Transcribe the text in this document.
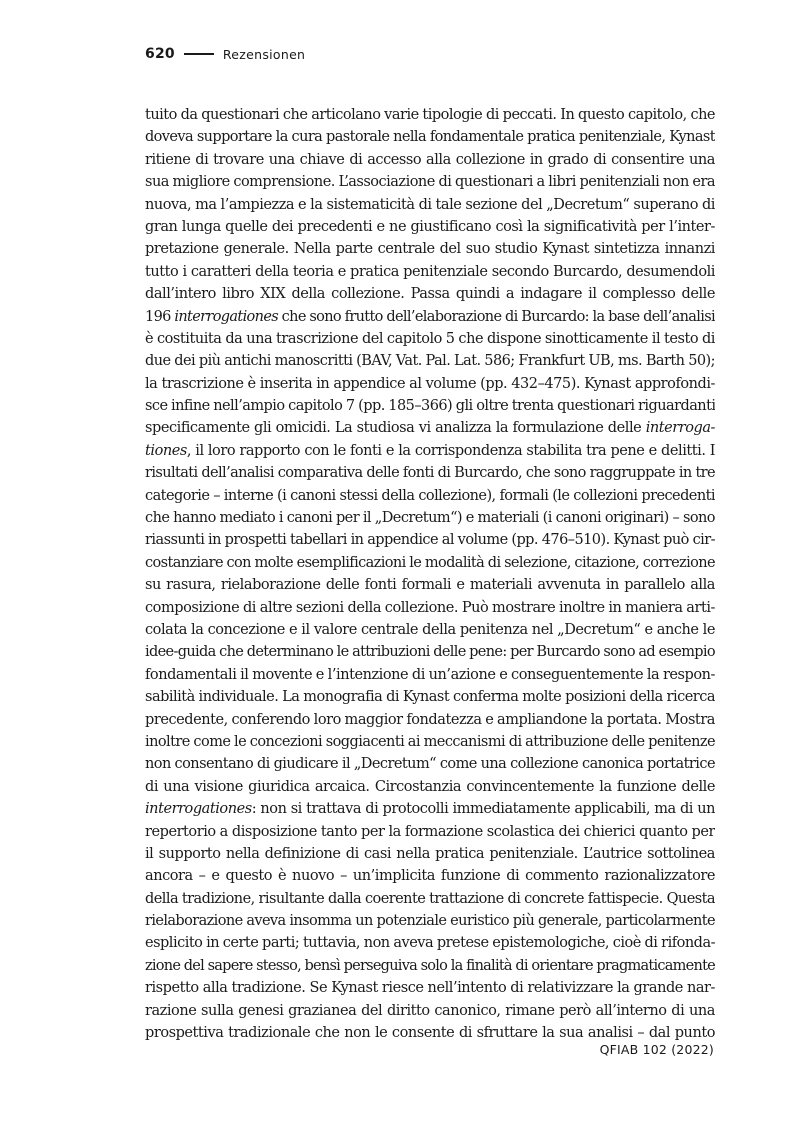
620	Rezensionen
tuito da questionari che articolano varie tipologie di peccati. In questo capitolo, che
doveva supportare la cura pastorale nella fondamentale pratica penitenziale, Kynast
ritiene di trovare una chiave di accesso alla collezione in grado di consentire una
sua migliore comprensione. L’associazione di questionari a libri penitenziali non era
nuova, ma l’ampiezza e la sistematicità di tale sezione del „Decretum“ superano di
gran lunga quelle dei precedenti e ne giustificano così la significatività per l’inter-
pretazione generale. Nella parte centrale del suo studio Kynast sintetizza innanzi
tutto i caratteri della teoria e pratica penitenziale secondo Burcardo, desumendoli
dall’intero libro XIX della collezione. Passa quindi a indagare il complesso delle
196 interrogationes che sono frutto dell’elaborazione di Burcardo: la base dell’analisi
è costituita da una trascrizione del capitolo 5 che dispone sinotticamente il testo di
due dei più antichi manoscritti (BAV, Vat. Pal. Lat. 586; Frankfurt UB, ms. Barth 50);
la trascrizione è inserita in appendice al volume (pp. 432–475). Kynast approfondi-
sce infine nell’ampio capitolo 7 (pp. 185–366) gli oltre trenta questionari riguardanti
specificamente gli omicidi. La studiosa vi analizza la formulazione delle interroga-
tiones, il loro rapporto con le fonti e la corrispondenza stabilita tra pene e delitti. I
risultati dell’analisi comparativa delle fonti di Burcardo, che sono raggruppate in tre
categorie – interne (i canoni stessi della collezione), formali (le collezioni precedenti
che hanno mediato i canoni per il „Decretum“) e materiali (i canoni originari) – sono
riassunti in prospetti tabellari in appendice al volume (pp. 476–510). Kynast può cir-
costanziare con molte esemplificazioni le modalità di selezione, citazione, correzione
su rasura, rielaborazione delle fonti formali e materiali avvenuta in parallelo alla
composizione di altre sezioni della collezione. Può mostrare inoltre in maniera arti-
colata la concezione e il valore centrale della penitenza nel „Decretum“ e anche le
idee-guida che determinano le attribuzioni delle pene: per Burcardo sono ad esempio
fondamentali il movente e l’intenzione di un’azione e conseguentemente la respon-
sabilità individuale. La monografia di Kynast conferma molte posizioni della ricerca
precedente, conferendo loro maggior fondatezza e ampliandone la portata. Mostra
inoltre come le concezioni soggiacenti ai meccanismi di attribuzione delle penitenze
non consentano di giudicare il „Decretum“ come una collezione canonica portatrice
di una visione giuridica arcaica. Circostanzia convincentemente la funzione delle
interrogationes: non si trattava di protocolli immediatamente applicabili, ma di un
repertorio a disposizione tanto per la formazione scolastica dei chierici quanto per
il supporto nella definizione di casi nella pratica penitenziale. L’autrice sottolinea
ancora – e questo è nuovo – un’implicita funzione di commento razionalizzatore
della tradizione, risultante dalla coerente trattazione di concrete fattispecie. Questa
rielaborazione aveva insomma un potenziale euristico più generale, particolarmente
esplicito in certe parti; tuttavia, non aveva pretese epistemologiche, cioè di rifonda-
zione del sapere stesso, bensì perseguiva solo la finalità di orientare pragmaticamente
rispetto alla tradizione. Se Kynast riesce nell’intento di relativizzare la grande nar-
razione sulla genesi grazianea del diritto canonico, rimane però all’interno di una
prospettiva tradizionale che non le consente di sfruttare la sua analisi – dal punto
QFIAB 102 (2022)
